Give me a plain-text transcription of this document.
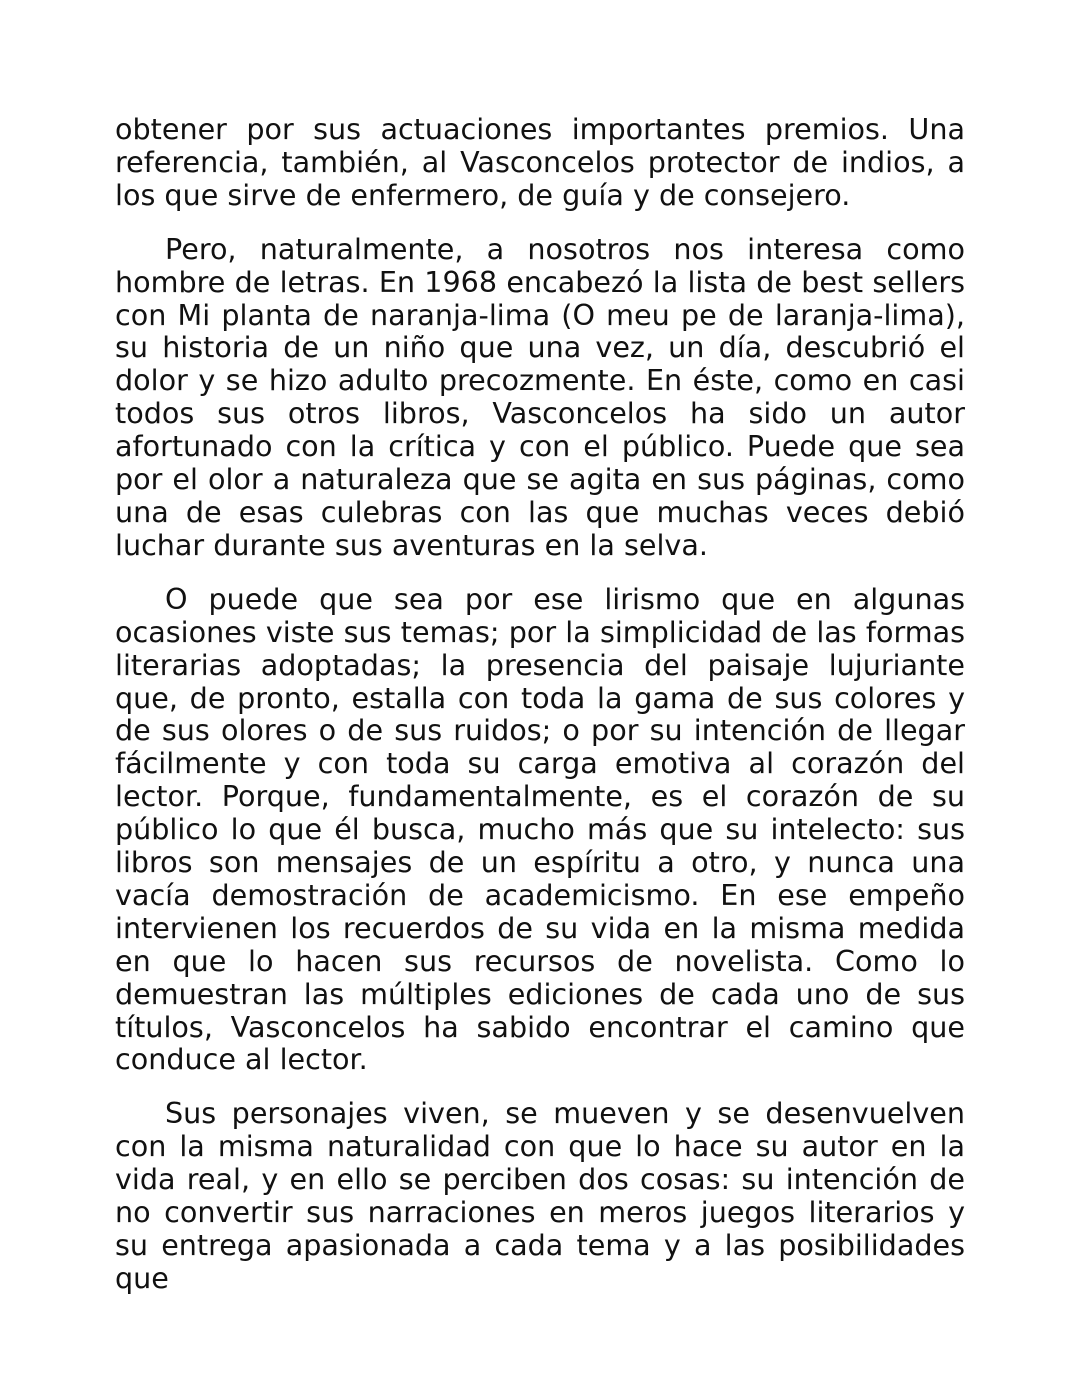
obtener por sus actuaciones importantes premios. Una referencia, también, al Vasconcelos protector de indios, a los que sirve de enfermero, de guía y de consejero.

Pero, naturalmente, a nosotros nos interesa como hombre de letras. En 1968 encabezó la lista de best sellers con Mi planta de naranja-lima (O meu pe de laranja-lima), su historia de un niño que una vez, un día, descubrió el dolor y se hizo adulto precozmente. En éste, como en casi todos sus otros libros, Vasconcelos ha sido un autor afortunado con la crítica y con el público. Puede que sea por el olor a naturaleza que se agita en sus páginas, como una de esas culebras con las que muchas veces debió luchar durante sus aventuras en la selva.

O puede que sea por ese lirismo que en algunas ocasiones viste sus temas; por la simplicidad de las formas literarias adoptadas; la presencia del paisaje lujuriante que, de pronto, estalla con toda la gama de sus colores y de sus olores o de sus ruidos; o por su intención de llegar fácilmente y con toda su carga emotiva al corazón del lector. Porque, fundamentalmente, es el corazón de su público lo que él busca, mucho más que su intelecto: sus libros son mensajes de un espíritu a otro, y nunca una vacía demostración de academicismo. En ese empeño intervienen los recuerdos de su vida en la misma medida en que lo hacen sus recursos de novelista. Como lo demuestran las múltiples ediciones de cada uno de sus títulos, Vasconcelos ha sabido encontrar el camino que conduce al lector.

Sus personajes viven, se mueven y se desenvuelven con la misma naturalidad con que lo hace su autor en la vida real, y en ello se perciben dos cosas: su intención de no convertir sus narraciones en meros juegos literarios y su entrega apasionada a cada tema y a las posibilidades que
